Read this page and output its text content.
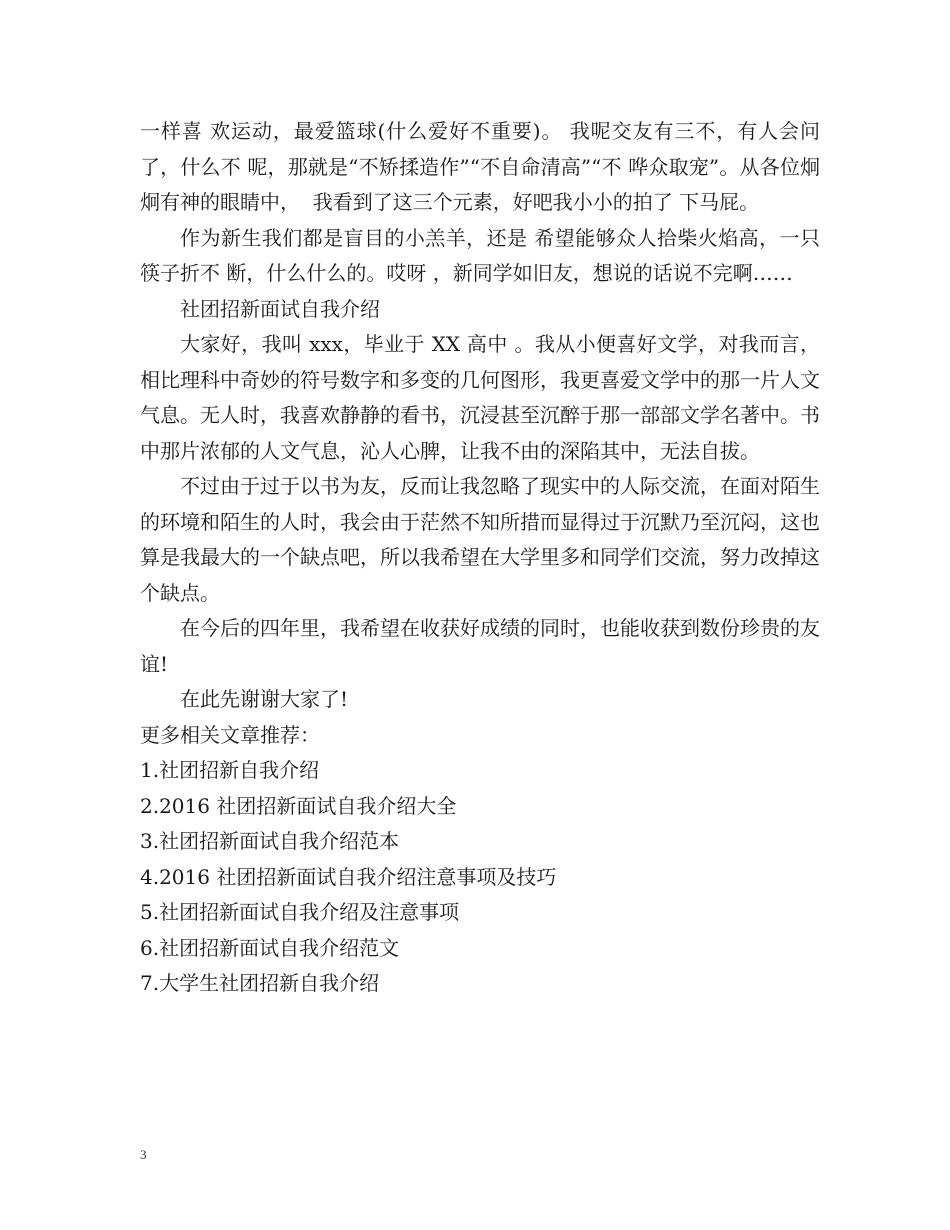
一样喜 欢运动，最爱篮球(什么爱好不重要)。 我呢交友有三不，有人会问了，什么不 呢，那就是“不矫揉造作”“不自命清高”“不 哗众取宠”。从各位炯炯有神的眼睛中，  我看到了这三个元素，好吧我小小的拍了 下马屁。

作为新生我们都是盲目的小羔羊，还是 希望能够众人拾柴火焰高，一只筷子折不 断，什么什么的。哎呀 ，新同学如旧友，想说的话说不完啊……

社团招新面试自我介绍

大家好，我叫 xxx，毕业于 XX 高中 。我从小便喜好文学，对我而言，相比理科中奇妙的符号数字和多变的几何图形，我更喜爱文学中的那一片人文气息。无人时，我喜欢静静的看书，沉浸甚至沉醉于那一部部文学名著中。书中那片浓郁的人文气息，沁人心脾，让我不由的深陷其中，无法自拔。

不过由于过于以书为友，反而让我忽略了现实中的人际交流，在面对陌生的环境和陌生的人时，我会由于茫然不知所措而显得过于沉默乃至沉闷，这也算是我最大的一个缺点吧，所以我希望在大学里多和同学们交流，努力改掉这个缺点。

在今后的四年里，我希望在收获好成绩的同时，也能收获到数份珍贵的友谊!

在此先谢谢大家了!

更多相关文章推荐：

1.社团招新自我介绍
2.2016 社团招新面试自我介绍大全
3.社团招新面试自我介绍范本
4.2016 社团招新面试自我介绍注意事项及技巧
5.社团招新面试自我介绍及注意事项
6.社团招新面试自我介绍范文
7.大学生社团招新自我介绍
3
